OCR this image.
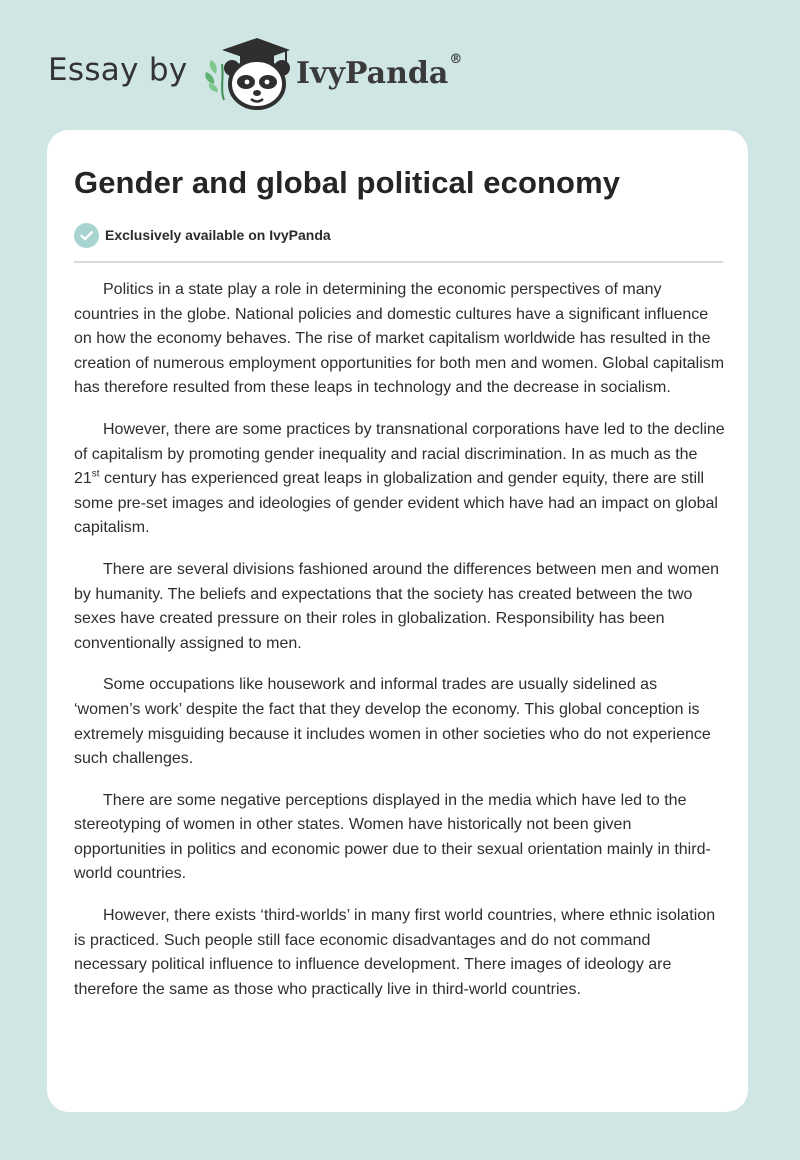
Essay by	IvyPanda®
Gender and global political economy
Exclusively available on IvyPanda

Politics in a state play a role in determining the economic perspectives of many countries in the globe. National policies and domestic cultures have a significant influence on how the economy behaves. The rise of market capitalism worldwide has resulted in the creation of numerous employment opportunities for both men and women. Global capitalism has therefore resulted from these leaps in technology and the decrease in socialism.

However, there are some practices by transnational corporations have led to the decline of capitalism by promoting gender inequality and racial discrimination. In as much as the 21st century has experienced great leaps in globalization and gender equity, there are still some pre-set images and ideologies of gender evident which have had an impact on global capitalism.

There are several divisions fashioned around the differences between men and women by humanity. The beliefs and expectations that the society has created between the two sexes have created pressure on their roles in globalization. Responsibility has been conventionally assigned to men.

Some occupations like housework and informal trades are usually sidelined as ‘women’s work’ despite the fact that they develop the economy. This global conception is extremely misguiding because it includes women in other societies who do not experience such challenges.

There are some negative perceptions displayed in the media which have led to the stereotyping of women in other states. Women have historically not been given opportunities in politics and economic power due to their sexual orientation mainly in third-world countries.

However, there exists ‘third-worlds’ in many first world countries, where ethnic isolation is practiced. Such people still face economic disadvantages and do not command necessary political influence to influence development. There images of ideology are therefore the same as those who practically live in third-world countries.
